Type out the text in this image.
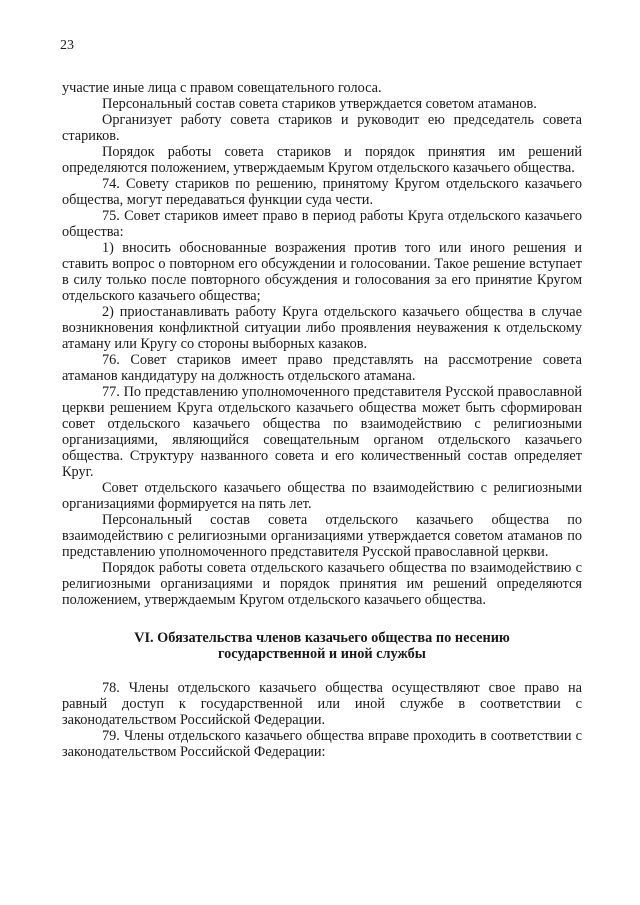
23

участие иные лица с правом совещательного голоса.

Персональный состав совета стариков утверждается советом атаманов.

Организует работу совета стариков и руководит ею председатель совета стариков.

Порядок работы совета стариков и порядок принятия им решений определяются положением, утверждаемым Кругом отдельского казачьего общества.

74. Совету стариков по решению, принятому Кругом отдельского казачьего общества, могут передаваться функции суда чести.

75. Совет стариков имеет право в период работы Круга отдельского казачьего общества:

1) вносить обоснованные возражения против того или иного решения и ставить вопрос о повторном его обсуждении и голосовании. Такое решение вступает в силу только после повторного обсуждения и голосования за его принятие Кругом отдельского казачьего общества;

2) приостанавливать работу Круга отдельского казачьего общества в случае возникновения конфликтной ситуации либо проявления неуважения к отдельскому атаману или Кругу со стороны выборных казаков.

76. Совет стариков имеет право представлять на рассмотрение совета атаманов кандидатуру на должность отдельского атамана.

77. По представлению уполномоченного представителя Русской православной церкви решением Круга отдельского казачьего общества может быть сформирован совет отдельского казачьего общества по взаимодействию с религиозными организациями, являющийся совещательным органом отдельского казачьего общества. Структуру названного совета и его количественный состав определяет Круг.

Совет отдельского казачьего общества по взаимодействию с религиозными организациями формируется на пять лет.

Персональный состав совета отдельского казачьего общества по взаимодействию с религиозными организациями утверждается советом атаманов по представлению уполномоченного представителя Русской православной церкви.

Порядок работы совета отдельского казачьего общества по взаимодействию с религиозными организациями и порядок принятия им решений определяются положением, утверждаемым Кругом отдельского казачьего общества.

VI. Обязательства членов казачьего общества по несению
государственной и иной службы

78. Члены отдельского казачьего общества осуществляют свое право на равный доступ к государственной или иной службе в соответствии с законодательством Российской Федерации.

79. Члены отдельского казачьего общества вправе проходить в соответствии с законодательством Российской Федерации:
